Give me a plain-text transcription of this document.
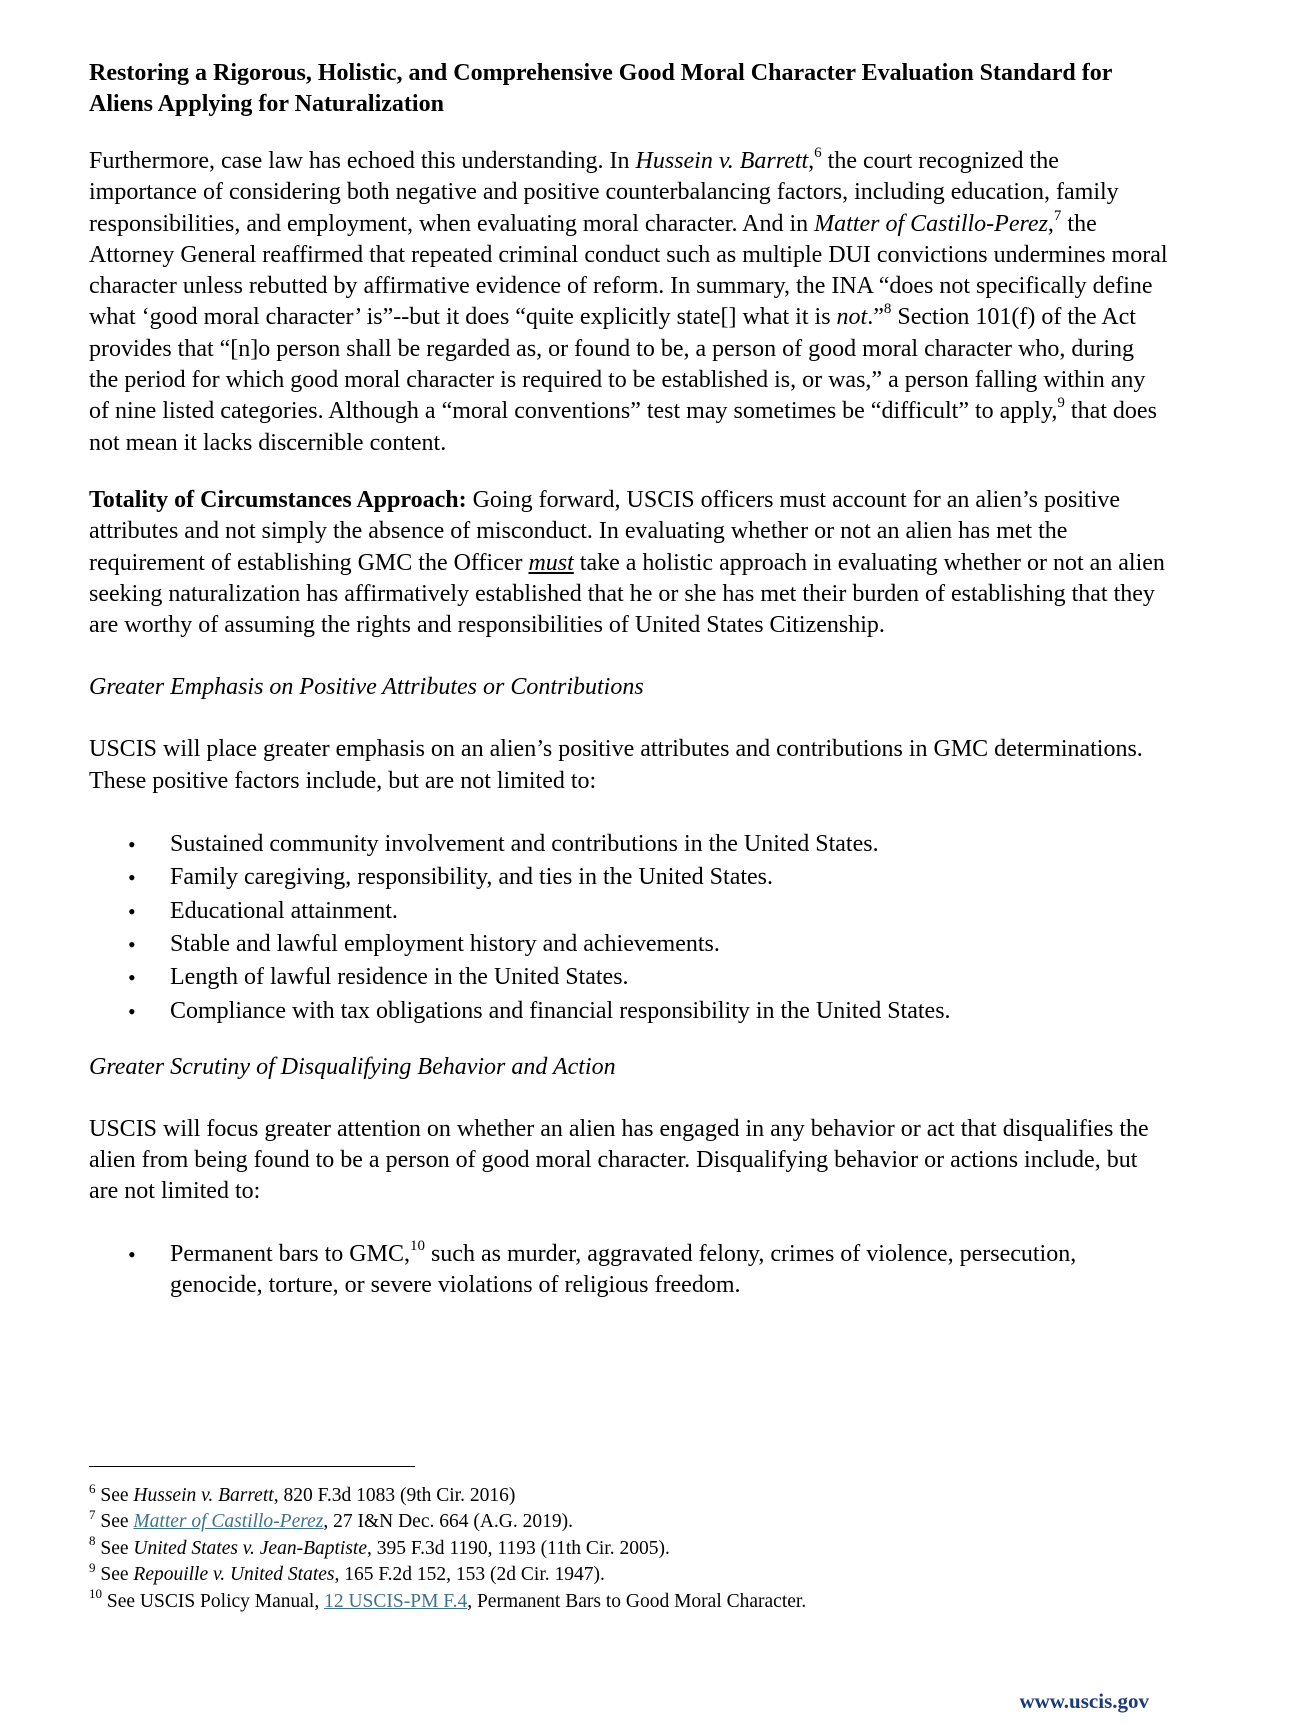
Restoring a Rigorous, Holistic, and Comprehensive Good Moral Character Evaluation Standard for Aliens Applying for Naturalization

Furthermore, case law has echoed this understanding. In Hussein v. Barrett,$^6$ the court recognized the importance of considering both negative and positive counterbalancing factors, including education, family responsibilities, and employment, when evaluating moral character. And in Matter of Castillo-Perez,$^7$ the Attorney General reaffirmed that repeated criminal conduct such as multiple DUI convictions undermines moral character unless rebutted by affirmative evidence of reform. In summary, the INA “does not specifically define what ‘good moral character’ is”--but it does “quite explicitly state[] what it is not.”$^8$ Section 101(f) of the Act provides that “[n]o person shall be regarded as, or found to be, a person of good moral character who, during the period for which good moral character is required to be established is, or was,” a person falling within any of nine listed categories. Although a “moral conventions” test may sometimes be “difficult” to apply,$^9$ that does not mean it lacks discernible content.

Totality of Circumstances Approach: Going forward, USCIS officers must account for an alien’s positive attributes and not simply the absence of misconduct. In evaluating whether or not an alien has met the requirement of establishing GMC the Officer must take a holistic approach in evaluating whether or not an alien seeking naturalization has affirmatively established that he or she has met their burden of establishing that they are worthy of assuming the rights and responsibilities of United States Citizenship.

Greater Emphasis on Positive Attributes or Contributions

USCIS will place greater emphasis on an alien’s positive attributes and contributions in GMC determinations. These positive factors include, but are not limited to:

• Sustained community involvement and contributions in the United States.
• Family caregiving, responsibility, and ties in the United States.
• Educational attainment.
• Stable and lawful employment history and achievements.
• Length of lawful residence in the United States.
• Compliance with tax obligations and financial responsibility in the United States.

Greater Scrutiny of Disqualifying Behavior and Action

USCIS will focus greater attention on whether an alien has engaged in any behavior or act that disqualifies the alien from being found to be a person of good moral character. Disqualifying behavior or actions include, but are not limited to:

• Permanent bars to GMC,$^{10}$ such as murder, aggravated felony, crimes of violence, persecution, genocide, torture, or severe violations of religious freedom.

$^6$ See Hussein v. Barrett, 820 F.3d 1083 (9th Cir. 2016)

$^7$ See Matter of Castillo-Perez, 27 I&N Dec. 664 (A.G. 2019).

$^8$ See United States v. Jean-Baptiste, 395 F.3d 1190, 1193 (11th Cir. 2005).

$^9$ See Repouille v. United States, 165 F.2d 152, 153 (2d Cir. 1947).

$^{10}$ See USCIS Policy Manual, 12 USCIS-PM F.4, Permanent Bars to Good Moral Character.

www.uscis.gov
